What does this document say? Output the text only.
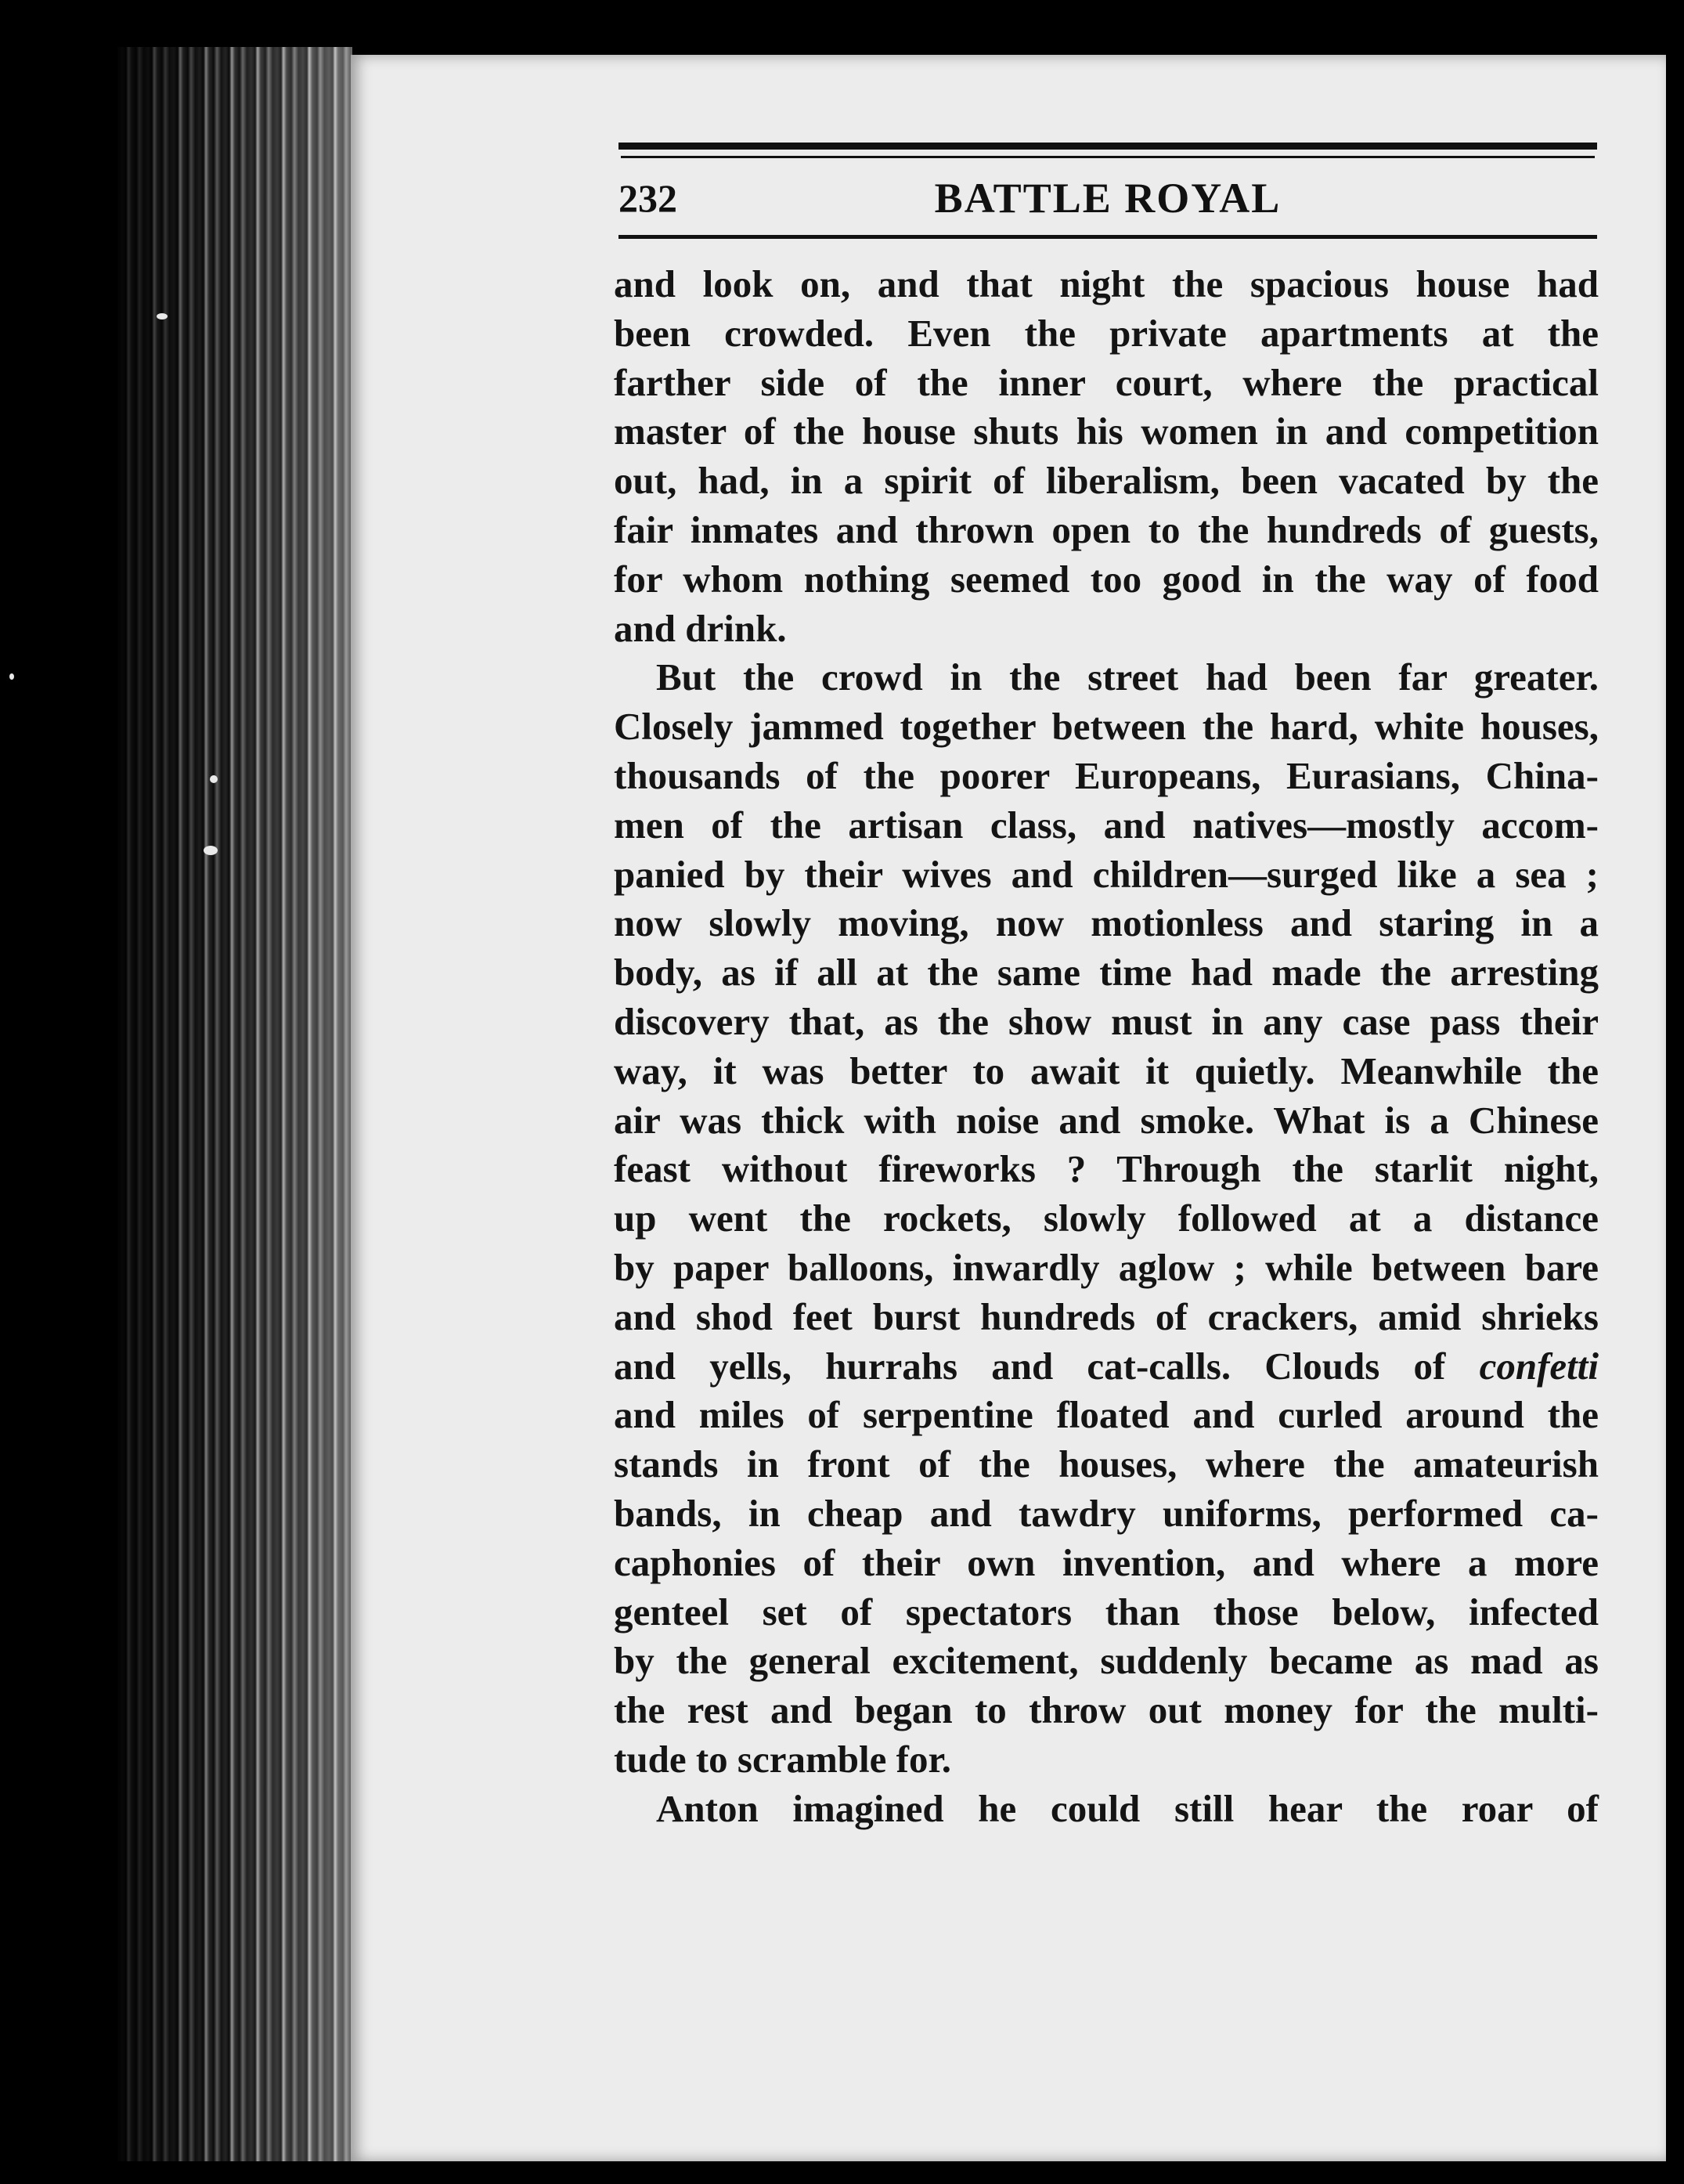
232	BATTLE ROYAL
and look on, and that night the spacious house had
been crowded. Even the private apartments at the
farther side of the inner court, where the practical
master of the house shuts his women in and competition
out, had, in a spirit of liberalism, been vacated by the
fair inmates and thrown open to the hundreds of guests,
for whom nothing seemed too good in the way of food
and drink.
But the crowd in the street had been far greater.
Closely jammed together between the hard, white houses,
thousands of the poorer Europeans, Eurasians, China-
men of the artisan class, and natives—mostly accom-
panied by their wives and children—surged like a sea ;
now slowly moving, now motionless and staring in a
body, as if all at the same time had made the arresting
discovery that, as the show must in any case pass their
way, it was better to await it quietly. Meanwhile the
air was thick with noise and smoke. What is a Chinese
feast without fireworks ? Through the starlit night,
up went the rockets, slowly followed at a distance
by paper balloons, inwardly aglow ; while between bare
and shod feet burst hundreds of crackers, amid shrieks
and yells, hurrahs and cat-calls. Clouds of confetti
and miles of serpentine floated and curled around the
stands in front of the houses, where the amateurish
bands, in cheap and tawdry uniforms, performed ca-
caphonies of their own invention, and where a more
genteel set of spectators than those below, infected
by the general excitement, suddenly became as mad as
the rest and began to throw out money for the multi-
tude to scramble for.
Anton imagined he could still hear the roar of
